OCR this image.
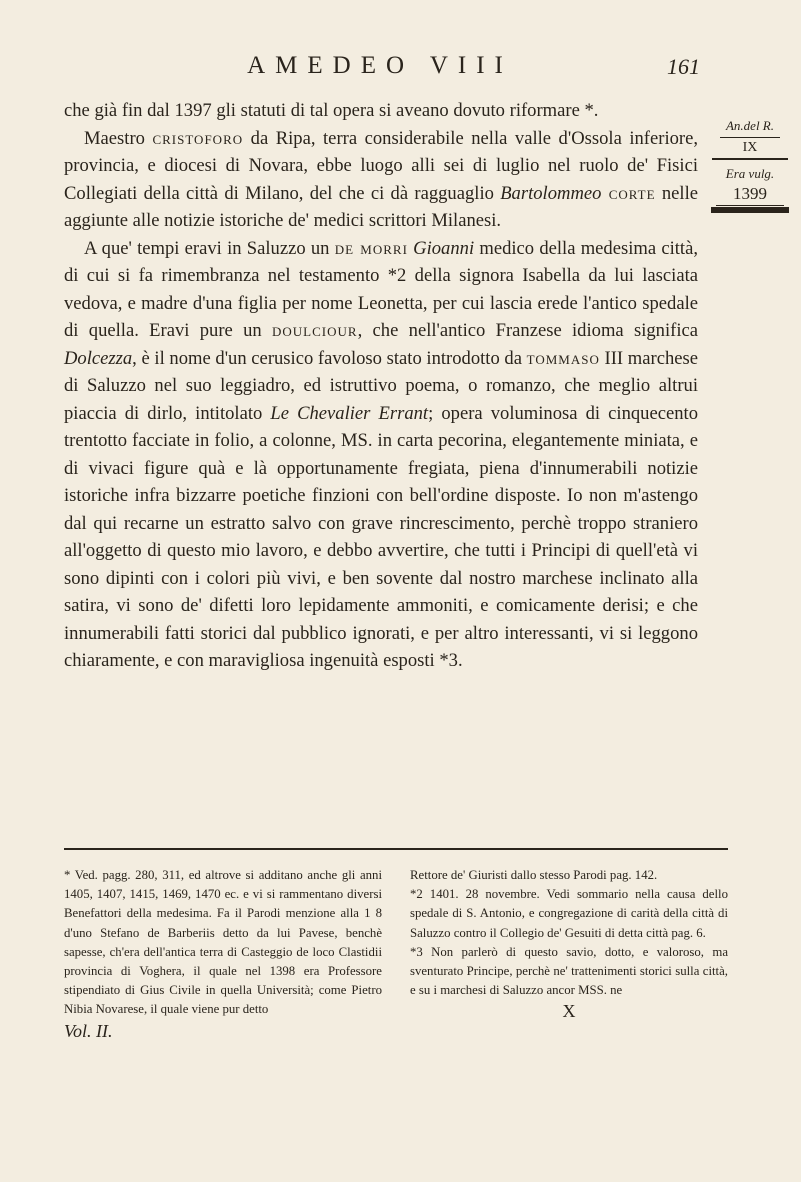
AMEDEO VIII	161
An.del R.
IX
Era vulg.
1399

che già fin dal 1397 gli statuti di tal opera si aveano dovuto riformare *.

Maestro cristoforo da Ripa, terra considerabile nella valle d'Ossola inferiore, provincia, e diocesi di Novara, ebbe luogo alli sei di luglio nel ruolo de' Fisici Collegiati della città di Milano, del che ci dà ragguaglio Bartolommeo corte nelle aggiunte alle notizie istoriche de' medici scrittori Milanesi.

A que' tempi eravi in Saluzzo un de morri Gioanni medico della medesima città, di cui si fa rimembranza nel testamento *2 della signora Isabella da lui lasciata vedova, e madre d'una figlia per nome Leonetta, per cui lascia erede l'antico spedale di quella. Eravi pure un doulciour, che nell'antico Franzese idioma significa Dolcezza, è il nome d'un cerusico favoloso stato introdotto da tommaso III marchese di Saluzzo nel suo leggiadro, ed istruttivo poema, o romanzo, che meglio altrui piaccia di dirlo, intitolato Le Chevalier Errant; opera voluminosa di cinquecento trentotto facciate in folio, a colonne, MS. in carta pecorina, elegantemente miniata, e di vivaci figure quà e là opportunamente fregiata, piena d'innumerabili notizie istoriche infra bizzarre poetiche finzioni con bell'ordine disposte. Io non m'astengo dal qui recarne un estratto salvo con grave rincrescimento, perchè troppo straniero all'oggetto di questo mio lavoro, e debbo avvertire, che tutti i Principi di quell'età vi sono dipinti con i colori più vivi, e ben sovente dal nostro marchese inclinato alla satira, vi sono de' difetti loro lepidamente ammoniti, e comicamente derisi; e che innumerabili fatti storici dal pubblico ignorati, e per altro interessanti, vi si leggono chiaramente, e con maravigliosa ingenuità esposti *3.

* Ved. pagg. 280, 311, ed altrove si additano anche gli anni 1405, 1407, 1415, 1469, 1470 ec. e vi si rammentano diversi Benefattori della medesima. Fa il Parodi menzione alla 1 8 d'uno Stefano de Barberiis detto da lui Pavese, benchè sapesse, ch'era dell'antica terra di Casteggio de loco Clastidii provincia di Voghera, il quale nel 1398 era Professore stipendiato di Gius Civile in quella Università; come Pietro Nibia Novarese, il quale viene pur detto

Vol. II.

Rettore de' Giuristi dallo stesso Parodi pag. 142.

*2 1401. 28 novembre. Vedi sommario nella causa dello spedale di S. Antonio, e congregazione di carità della città di Saluzzo contro il Collegio de' Gesuiti di detta città pag. 6.

*3 Non parlerò di questo savio, dotto, e valoroso, ma sventurato Principe, perchè ne' trattenimenti storici sulla città, e su i marchesi di Saluzzo ancor MSS. ne

X
